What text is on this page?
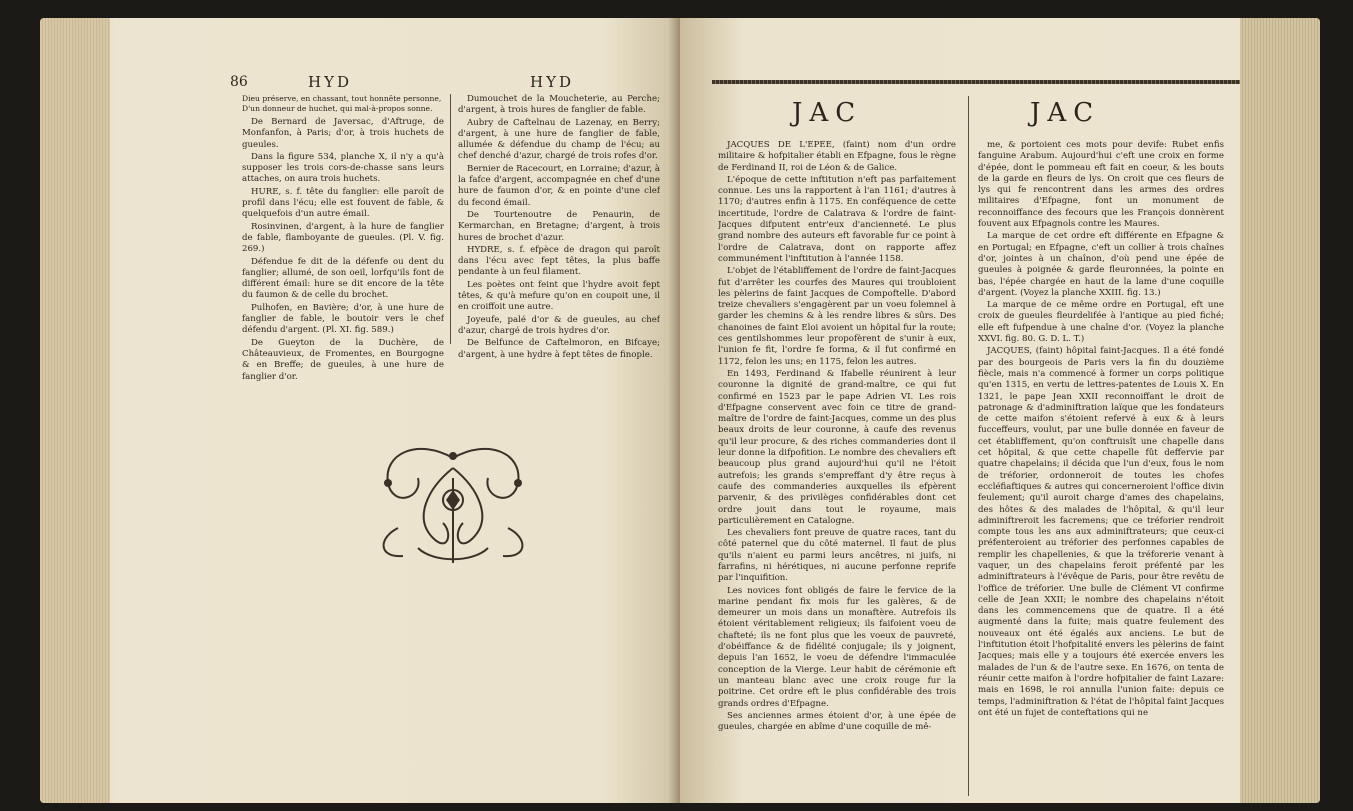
86	HYD	HYD
Dieu préserve, en chassant, tout honnête personne,
D'un donneur de huchet, qui mal-à-propos sonne.

De Bernard de Javersac, d'Aftruge, de Monfanfon, à Paris; d'or, à trois huchets de gueules.

Dans la figure 534, planche X, il n'y a qu'à supposer les trois cors-de-chasse sans leurs attaches, on aura trois huchets.

HURE, s. f. tête du fanglier: elle paroît de profil dans l'écu; elle est fouvent de fable, & quelquefois d'un autre émail.

Rosinvinen, d'argent, à la hure de fanglier de fable, flamboyante de gueules. (Pl. V. fig. 269.)

Défendue fe dit de la défenfe ou dent du fanglier; allumé, de son oeil, lorfqu'ils font de différent émail: hure se dit encore de la tête du faumon & de celle du brochet.

Pulhofen, en Bavière; d'or, à une hure de fanglier de fable, le boutoir vers le chef défendu d'argent. (Pl. XI. fig. 589.)

De Gueyton de la Duchère, de Châteauvieux, de Fromentes, en Bourgogne & en Breffe; de gueules, à une hure de fanglier d'or.

Dumouchet de la Moucheterie, au Perche; d'argent, à trois hures de fanglier de fable.

Aubry de Caftelnau de Lazenay, en Berry; d'argent, à une hure de fanglier de fable, allumée & défendue du champ de l'écu; au chef denché d'azur, chargé de trois rofes d'or.

Bernier de Racecourt, en Lorraine; d'azur, à la fafce d'argent, accompagnée en chef d'une hure de faumon d'or, & en pointe d'une clef du fecond émail.

De Tourtenoutre de Penaurin, de Kermarchan, en Bretagne; d'argent, à trois hures de brochet d'azur.

HYDRE, s. f. efpèce de dragon qui paroît dans l'écu avec fept têtes, la plus baffe pendante à un feul filament.

Les poètes ont feint que l'hydre avoit fept têtes, & qu'à mefure qu'on en coupoit une, il en croiffoit une autre.

Joyeufe, palé d'or & de gueules, au chef d'azur, chargé de trois hydres d'or.

De Belfunce de Caftelmoron, en Bifcaye; d'argent, à une hydre à fept têtes de finople.

JAC	JAC

JACQUES DE L'ÉPÉE, (faint) nom d'un ordre militaire & hofpitalier établi en Efpagne, fous le règne de Ferdinand II, roi de Léon & de Galice.

L'époque de cette inftitution n'eft pas parfaitement connue. Les uns la rapportent à l'an 1161; d'autres à 1170; d'autres enfin à 1175. En conféquence de cette incertitude, l'ordre de Calatrava & l'ordre de faint-Jacques difputent entr'eux d'ancienneté. Le plus grand nombre des auteurs eft favorable fur ce point à l'ordre de Calatrava, dont on rapporte affez communément l'inftitution à l'année 1158.

L'objet de l'établiffement de l'ordre de faint-Jacques fut d'arrêter les courfes des Maures qui troubloient les pèlerins de faint Jacques de Compoftelle. D'abord treize chevaliers s'engagèrent par un voeu folemnel à garder les chemins & à les rendre libres & sûrs. Des chanoines de faint Eloi avoient un hôpital fur la route; ces gentilshommes leur propofèrent de s'unir à eux, l'union fe fit, l'ordre fe forma, & il fut confirmé en 1172, felon les uns; en 1175, felon les autres.

En 1493, Ferdinand & Ifabelle réunirent à leur couronne la dignité de grand-maître, ce qui fut confirmé en 1523 par le pape Adrien VI. Les rois d'Efpagne conservent avec foin ce titre de grand-maître de l'ordre de faint-Jacques, comme un des plus beaux droits de leur couronne, à caufe des revenus qu'il leur procure, & des riches commanderies dont il leur donne la difpofition. Le nombre des chevaliers eft beaucoup plus grand aujourd'hui qu'il ne l'étoit autrefois; les grands s'empreffant d'y être reçus à caufe des commanderies auxquelles ils efpèrent parvenir, & des privilèges confidérables dont cet ordre jouit dans tout le royaume, mais particulièrement en Catalogne.

Les chevaliers font preuve de quatre races, tant du côté paternel que du côté maternel. Il faut de plus qu'ils n'aient eu parmi leurs ancêtres, ni juifs, ni farrafins, ni hérétiques, ni aucune perfonne reprife par l'inquifition.

Les novices font obligés de faire le fervice de la marine pendant fix mois fur les galères, & de demeurer un mois dans un monaftère. Autrefois ils étoient véritablement religieux; ils faifoient voeu de chafteté; ils ne font plus que les voeux de pauvreté, d'obéiffance & de fidélité conjugale; ils y joignent, depuis l'an 1652, le voeu de défendre l'immaculée conception de la Vierge. Leur habit de cérémonie eft un manteau blanc avec une croix rouge fur la poitrine. Cet ordre eft le plus confidérable des trois grands ordres d'Efpagne.

Ses anciennes armes étoient d'or, à une épée de gueules, chargée en abîme d'une coquille de mê-

me, & portoient ces mots pour devife: Rubet enfis fanguine Arabum. Aujourd'hui c'eft une croix en forme d'épée, dont le pommeau eft fait en coeur, & les bouts de la garde en fleurs de lys. On croit que ces fleurs de lys qui fe rencontrent dans les armes des ordres militaires d'Efpagne, font un monument de reconnoiffance des fecours que les François donnèrent fouvent aux Efpagnols contre les Maures.

La marque de cet ordre eft différente en Efpagne & en Portugal; en Efpagne, c'eft un collier à trois chaînes d'or, jointes à un chaînon, d'où pend une épée de gueules à poignée & garde fleuronnées, la pointe en bas, l'épée chargée en haut de la lame d'une coquille d'argent. (Voyez la planche XXIII. fig. 13.)

La marque de ce même ordre en Portugal, eft une croix de gueules fleurdelifée à l'antique au pied fiché; elle eft fufpendue à une chaîne d'or. (Voyez la planche XXVI. fig. 80. G. D. L. T.)

JACQUES, (faint) hôpital faint-Jacques. Il a été fondé par des bourgeois de Paris vers la fin du douzième fiècle, mais n'a commencé à former un corps politique qu'en 1315, en vertu de lettres-patentes de Louis X. En 1321, le pape Jean XXII reconnoiffant le droit de patronage & d'adminiftration laïque que les fondateurs de cette maifon s'étoient refervé à eux & à leurs fucceffeurs, voulut, par une bulle donnée en faveur de cet établiffement, qu'on conftruisît une chapelle dans cet hôpital, & que cette chapelle fût deffervie par quatre chapelains; il décida que l'un d'eux, fous le nom de tréforier, ordonneroit de toutes les chofes eccléfiaftiques & autres qui concerneroient l'office divin feulement; qu'il auroit charge d'ames des chapelains, des hôtes & des malades de l'hôpital, & qu'il leur adminiftreroit les facremens; que ce tréforier rendroit compte tous les ans aux adminiftrateurs; que ceux-ci préfenteroient au tréforier des perfonnes capables de remplir les chapellenies, & que la tréforerie venant à vaquer, un des chapelains feroit préfenté par les adminiftrateurs à l'évêque de Paris, pour être revêtu de l'office de tréforier. Une bulle de Clément VI confirme celle de Jean XXII; le nombre des chapelains n'étoit dans les commencemens que de quatre. Il a été augmenté dans la fuite; mais quatre feulement des nouveaux ont été égalés aux anciens. Le but de l'inftitution étoit l'hofpitalité envers les pèlerins de faint Jacques; mais elle y a toujours été exercée envers les malades de l'un & de l'autre sexe. En 1676, on tenta de réunir cette maifon à l'ordre hofpitalier de faint Lazare: mais en 1698, le roi annulla l'union faite: depuis ce temps, l'adminiftration & l'état de l'hôpital faint Jacques ont été un fujet de conteftations qui ne
